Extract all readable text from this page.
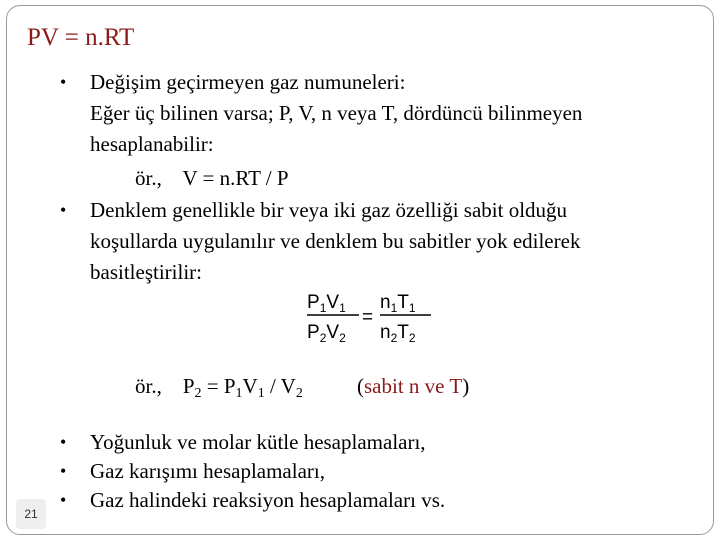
PV = n.RT
• Değişim geçirmeyen gaz numuneleri:
Eğer üç bilinen varsa; P, V, n veya T, dördüncü bilinmeyen
hesaplanabilir:
ör.,    V = n.RT / P
• Denklem genellikle bir veya iki gaz özelliği sabit olduğu
koşullarda uygulanılır ve denklem bu sabitler yok edilerek
basitleştirilir:
$P_1V_1$
$P_2V_2$
=
$n_1T_1$
$n_2T_2$
ör.,    $P_2 = P_1V_1 / V_2$	(sabit n ve T)
• Yoğunluk ve molar kütle hesaplamaları,
• Gaz karışımı hesaplamaları,
• Gaz halindeki reaksiyon hesaplamaları vs.
21
